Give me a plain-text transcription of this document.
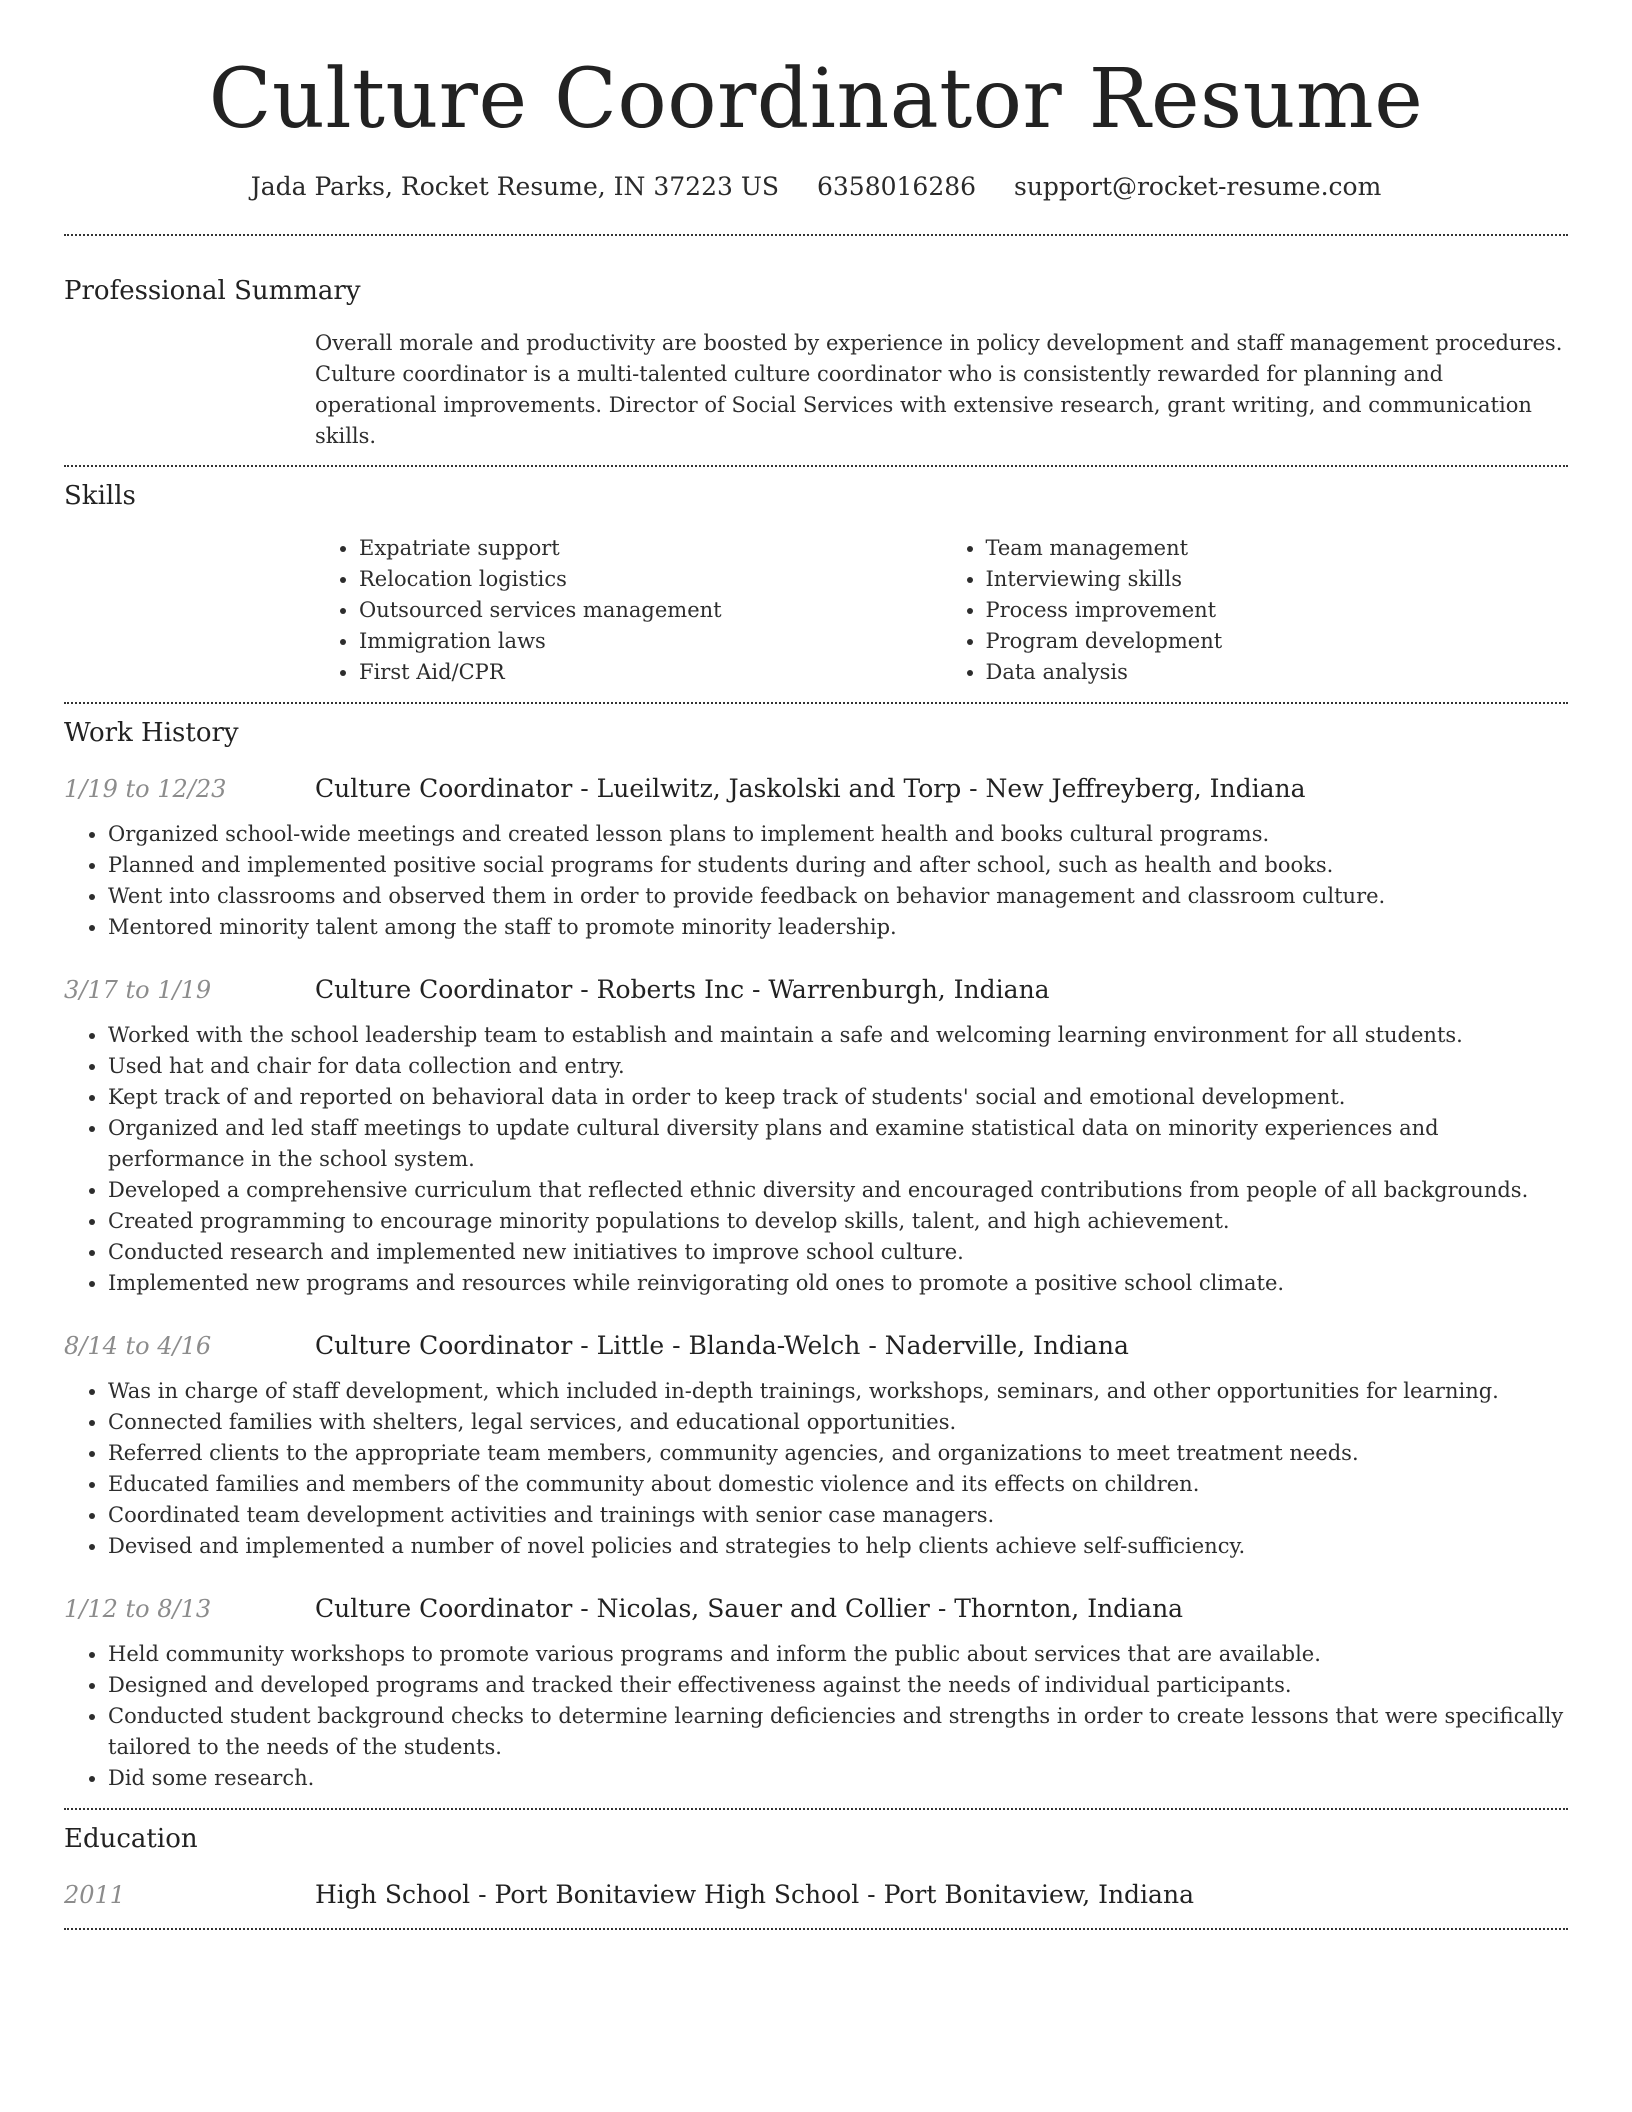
Culture Coordinator Resume
Jada Parks, Rocket Resume, IN 37223 US 6358016286 support@rocket-resume.com
Professional Summary
Overall morale and productivity are boosted by experience in policy development and staff management procedures. Culture coordinator is a multi-talented culture coordinator who is consistently rewarded for planning and operational improvements. Director of Social Services with extensive research, grant writing, and communication skills.
Skills
• Expatriate support
• Relocation logistics
• Outsourced services management
• Immigration laws
• First Aid/CPR
• Team management
• Interviewing skills
• Process improvement
• Program development
• Data analysis
Work History
1/19 to 12/23	Culture Coordinator - Lueilwitz, Jaskolski and Torp - New Jeffreyberg, Indiana
• Organized school-wide meetings and created lesson plans to implement health and books cultural programs.
• Planned and implemented positive social programs for students during and after school, such as health and books.
• Went into classrooms and observed them in order to provide feedback on behavior management and classroom culture.
• Mentored minority talent among the staff to promote minority leadership.
3/17 to 1/19	Culture Coordinator - Roberts Inc - Warrenburgh, Indiana
• Worked with the school leadership team to establish and maintain a safe and welcoming learning environment for all students.
• Used hat and chair for data collection and entry.
• Kept track of and reported on behavioral data in order to keep track of students' social and emotional development.
• Organized and led staff meetings to update cultural diversity plans and examine statistical data on minority experiences and performance in the school system.
• Developed a comprehensive curriculum that reflected ethnic diversity and encouraged contributions from people of all backgrounds.
• Created programming to encourage minority populations to develop skills, talent, and high achievement.
• Conducted research and implemented new initiatives to improve school culture.
• Implemented new programs and resources while reinvigorating old ones to promote a positive school climate.
8/14 to 4/16	Culture Coordinator - Little - Blanda-Welch - Naderville, Indiana
• Was in charge of staff development, which included in-depth trainings, workshops, seminars, and other opportunities for learning.
• Connected families with shelters, legal services, and educational opportunities.
• Referred clients to the appropriate team members, community agencies, and organizations to meet treatment needs.
• Educated families and members of the community about domestic violence and its effects on children.
• Coordinated team development activities and trainings with senior case managers.
• Devised and implemented a number of novel policies and strategies to help clients achieve self-sufficiency.
1/12 to 8/13	Culture Coordinator - Nicolas, Sauer and Collier - Thornton, Indiana
• Held community workshops to promote various programs and inform the public about services that are available.
• Designed and developed programs and tracked their effectiveness against the needs of individual participants.
• Conducted student background checks to determine learning deficiencies and strengths in order to create lessons that were specifically tailored to the needs of the students.
• Did some research.
Education
2011	High School - Port Bonitaview High School - Port Bonitaview, Indiana
